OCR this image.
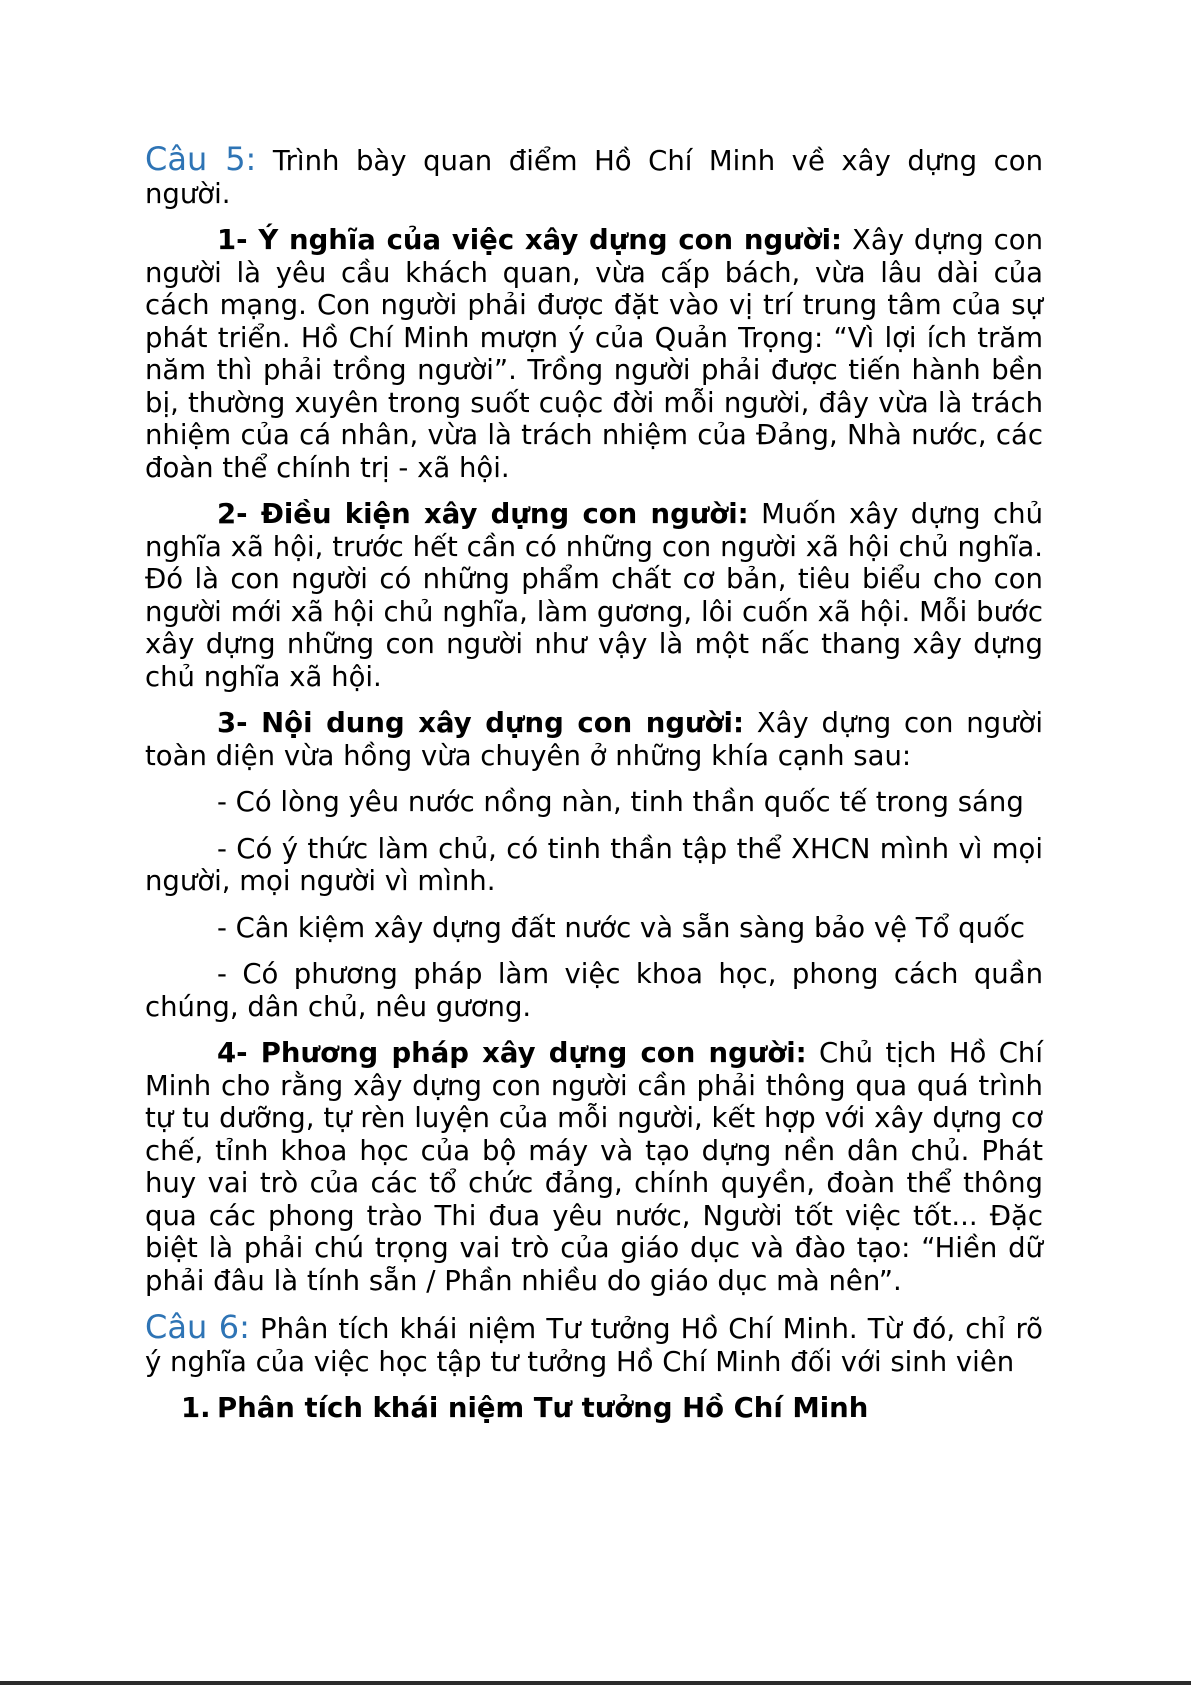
Câu 5: Trình bày quan điểm Hồ Chí Minh về xây dựng con người.

1- Ý nghĩa của việc xây dựng con người: Xây dựng con người là yêu cầu khách quan, vừa cấp bách, vừa lâu dài của cách mạng. Con người phải được đặt vào vị trí trung tâm của sự phát triển. Hồ Chí Minh mượn ý của Quản Trọng: “Vì lợi ích trăm năm thì phải trồng người”. Trồng người phải được tiến hành bền bị, thường xuyên trong suốt cuộc đời mỗi người, đây vừa là trách nhiệm của cá nhân, vừa là trách nhiệm của Đảng, Nhà nước, các đoàn thể chính trị - xã hội.

2- Điều kiện xây dựng con người: Muốn xây dựng chủ nghĩa xã hội, trước hết cần có những con người xã hội chủ nghĩa. Đó là con người có những phẩm chất cơ bản, tiêu biểu cho con người mới xã hội chủ nghĩa, làm gương, lôi cuốn xã hội. Mỗi bước xây dựng những con người như vậy là một nấc thang xây dựng chủ nghĩa xã hội.

3- Nội dung xây dựng con người: Xây dựng con người toàn diện vừa hồng vừa chuyên ở những khía cạnh sau:

- Có lòng yêu nước nồng nàn, tinh thần quốc tế trong sáng

- Có ý thức làm chủ, có tinh thần tập thể XHCN mình vì mọi người, mọi người vì mình.

- Cân kiệm xây dựng đất nước và sẵn sàng bảo vệ Tổ quốc

- Có phương pháp làm việc khoa học, phong cách quần chúng, dân chủ, nêu gương.

4- Phương pháp xây dựng con người: Chủ tịch Hồ Chí Minh cho rằng xây dựng con người cần phải thông qua quá trình tự tu dưỡng, tự rèn luyện của mỗi người, kết hợp với xây dựng cơ chế, tỉnh khoa học của bộ máy và tạo dựng nền dân chủ. Phát huy vai trò của các tổ chức đảng, chính quyền, đoàn thể thông qua các phong trào Thi đua yêu nước, Người tốt việc tốt... Đặc biệt là phải chú trọng vai trò của giáo dục và đào tạo: “Hiền dữ phải đâu là tính sẵn / Phần nhiều do giáo dục mà nên”.

Câu 6: Phân tích khái niệm Tư tưởng Hồ Chí Minh. Từ đó, chỉ rõ ý nghĩa của việc học tập tư tưởng Hồ Chí Minh đối với sinh viên

1. Phân tích khái niệm Tư tưởng Hồ Chí Minh
